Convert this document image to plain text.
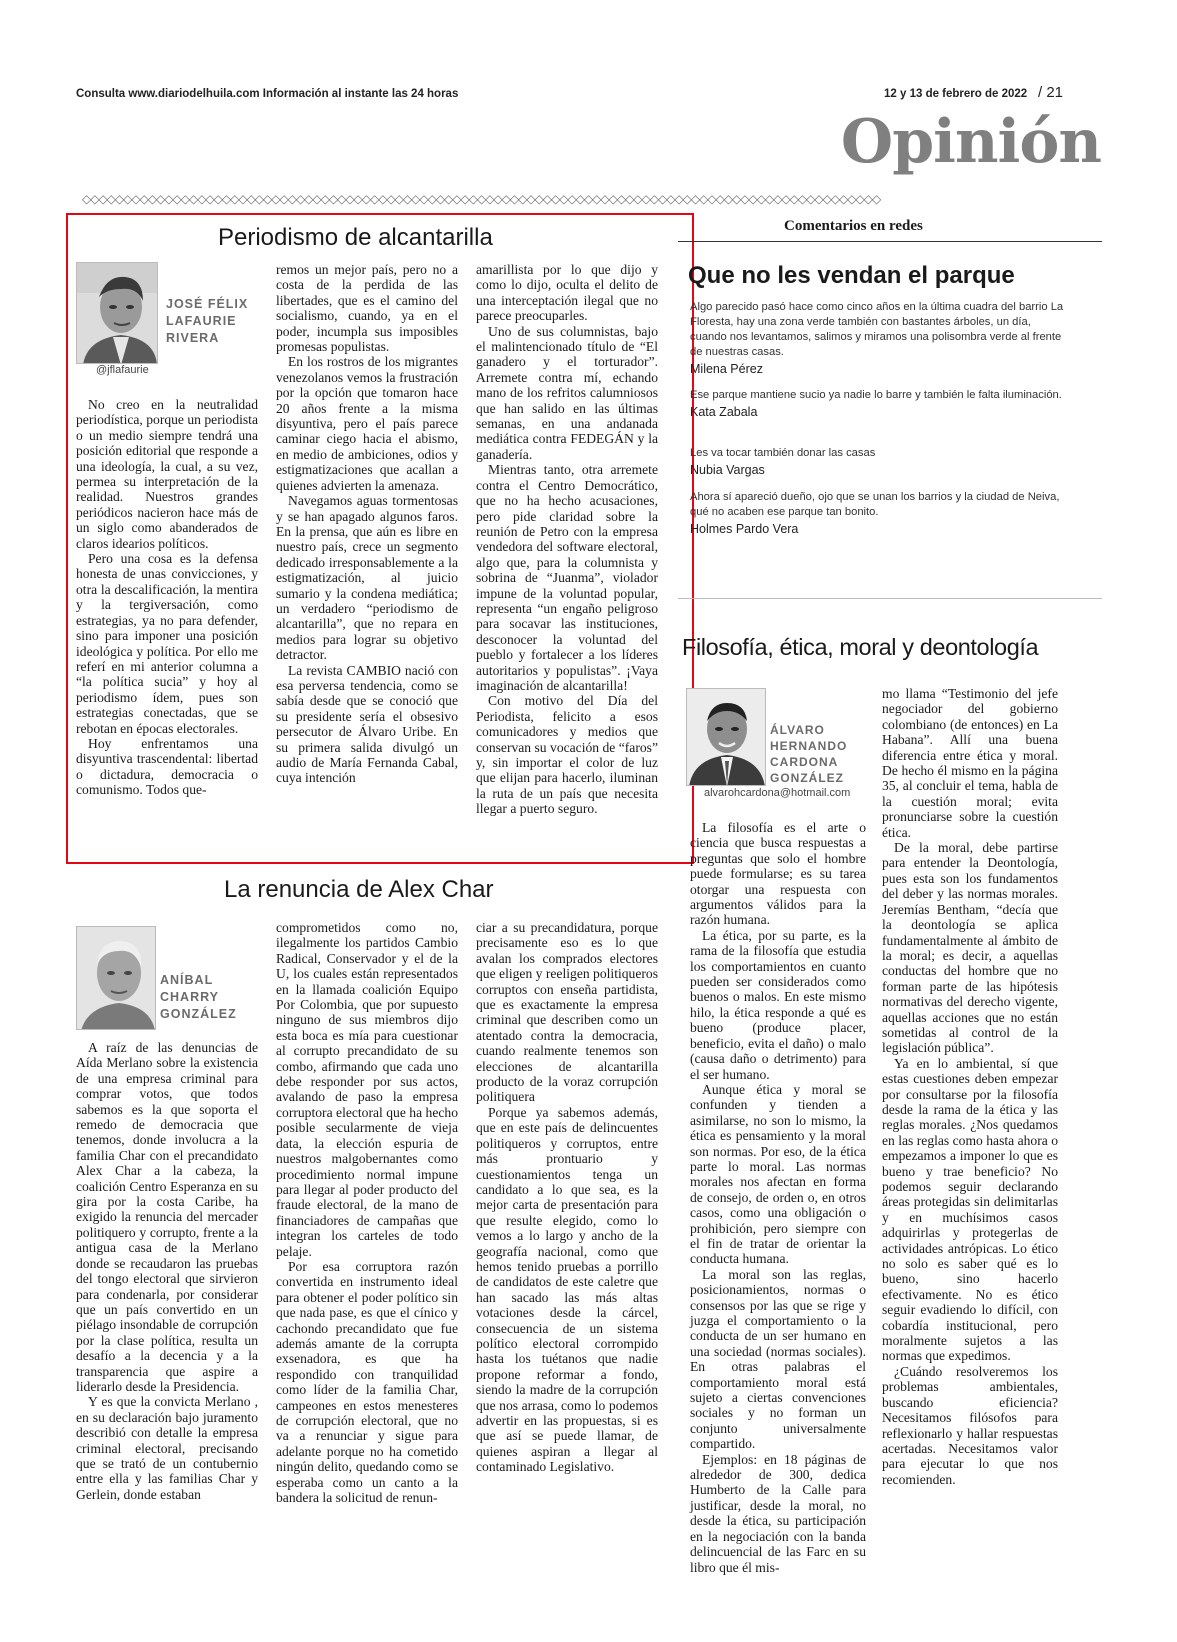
Consulta www.diariodelhuila.com Información al instante las 24 horas	12 y 13 de febrero de 2022 / 21
Opinión
◇◇◇◇◇◇◇◇◇◇◇◇◇◇◇◇◇◇◇◇◇◇◇◇◇◇◇◇◇◇◇◇◇◇◇◇◇◇◇◇◇◇◇◇◇◇◇◇◇◇◇◇◇◇◇◇◇◇◇◇◇◇◇◇◇◇◇◇◇◇◇◇◇◇◇◇◇◇◇◇◇◇◇◇◇◇◇◇◇◇◇◇◇◇◇◇◇
Periodismo de alcantarilla
JOSÉ FÉLIX LAFAURIE RIVERA
@jflafaurie

No creo en la neutralidad periodística, porque un periodista o un medio siempre tendrá una posición editorial que responde a una ideología, la cual, a su vez, permea su interpretación de la realidad. Nuestros grandes periódicos nacieron hace más de un siglo como abanderados de claros idearios políticos.

Pero una cosa es la defensa honesta de unas convicciones, y otra la descalificación, la mentira y la tergiversación, como estrategias, ya no para defender, sino para imponer una posición ideológica y política. Por ello me referí en mi anterior columna a “la política sucia” y hoy al periodismo ídem, pues son estrategias conectadas, que se rebotan en épocas electorales.

Hoy enfrentamos una disyuntiva trascendental: libertad o dictadura, democracia o comunismo. Todos que-

remos un mejor país, pero no a costa de la perdida de las libertades, que es el camino del socialismo, cuando, ya en el poder, incumpla sus imposibles promesas populistas.

En los rostros de los migrantes venezolanos vemos la frustración por la opción que tomaron hace 20 años frente a la misma disyuntiva, pero el país parece caminar ciego hacia el abismo, en medio de ambiciones, odios y estigmatizaciones que acallan a quienes advierten la amenaza.

Navegamos aguas tormentosas y se han apagado algunos faros. En la prensa, que aún es libre en nuestro país, crece un segmento dedicado irresponsablemente a la estigmatización, al juicio sumario y la condena mediática; un verdadero “periodismo de alcantarilla”, que no repara en medios para lograr su objetivo detractor.

La revista CAMBIO nació con esa perversa tendencia, como se sabía desde que se conoció que su presidente sería el obsesivo persecutor de Álvaro Uribe. En su primera salida divulgó un audio de María Fernanda Cabal, cuya intención

amarillista por lo que dijo y como lo dijo, oculta el delito de una interceptación ilegal que no parece preocuparles.

Uno de sus columnistas, bajo el malintencionado título de “El ganadero y el torturador”. Arremete contra mí, echando mano de los refritos calumniosos que han salido en las últimas semanas, en una andanada mediática contra FEDEGÁN y la ganadería.

Mientras tanto, otra arremete contra el Centro Democrático, que no ha hecho acusaciones, pero pide claridad sobre la reunión de Petro con la empresa vendedora del software electoral, algo que, para la columnista y sobrina de “Juanma”, violador impune de la voluntad popular, representa “un engaño peligroso para socavar las instituciones, desconocer la voluntad del pueblo y fortalecer a los líderes autoritarios y populistas”. ¡Vaya imaginación de alcantarilla!

Con motivo del Día del Periodista, felicito a esos comunicadores y medios que conservan su vocación de “faros” y, sin importar el color de luz que elijan para hacerlo, iluminan la ruta de un país que necesita llegar a puerto seguro.

Comentarios en redes
Que no les vendan el parque
Algo parecido pasó hace como cinco años en la última cuadra del barrio La Floresta, hay una zona verde también con bastantes árboles, un día, cuando nos levantamos, salimos y miramos una polisombra verde al frente de nuestras casas.
Milena Pérez
Ese parque mantiene sucio ya nadie lo barre y también le falta iluminación.
Kata Zabala
Les va tocar también donar las casas
Nubia Vargas
Ahora sí apareció dueño, ojo que se unan los barrios y la ciudad de Neiva, qué no acaben ese parque tan bonito.
Holmes Pardo Vera
Filosofía, ética, moral y deontología
ÁLVARO HERNANDO CARDONA GONZÁLEZ
alvarohcardona@hotmail.com

La filosofía es el arte o ciencia que busca respuestas a preguntas que solo el hombre puede formularse; es su tarea otorgar una respuesta con argumentos válidos para la razón humana.

La ética, por su parte, es la rama de la filosofía que estudia los comportamientos en cuanto pueden ser considerados como buenos o malos. En este mismo hilo, la ética responde a qué es bueno (produce placer, beneficio, evita el daño) o malo (causa daño o detrimento) para el ser humano.

Aunque ética y moral se confunden y tienden a asimilarse, no son lo mismo, la ética es pensamiento y la moral son normas. Por eso, de la ética parte lo moral. Las normas morales nos afectan en forma de consejo, de orden o, en otros casos, como una obligación o prohibición, pero siempre con el fin de tratar de orientar la conducta humana.

La moral son las reglas, posicionamientos, normas o consensos por las que se rige y juzga el comportamiento o la conducta de un ser humano en una sociedad (normas sociales). En otras palabras el comportamiento moral está sujeto a ciertas convenciones sociales y no forman un conjunto universalmente compartido.

Ejemplos: en 18 páginas de alrededor de 300, dedica Humberto de la Calle para justificar, desde la moral, no desde la ética, su participación en la negociación con la banda delincuencial de las Farc en su libro que él mis-

mo llama “Testimonio del jefe negociador del gobierno colombiano (de entonces) en La Habana”. Allí una buena diferencia entre ética y moral. De hecho él mismo en la página 35, al concluir el tema, habla de la cuestión moral; evita pronunciarse sobre la cuestión ética.

De la moral, debe partirse para entender la Deontología, pues esta son los fundamentos del deber y las normas morales. Jeremías Bentham, “decía que la deontología se aplica fundamentalmente al ámbito de la moral; es decir, a aquellas conductas del hombre que no forman parte de las hipótesis normativas del derecho vigente, aquellas acciones que no están sometidas al control de la legislación pública”.

Ya en lo ambiental, sí que estas cuestiones deben empezar por consultarse por la filosofía desde la rama de la ética y las reglas morales. ¿Nos quedamos en las reglas como hasta ahora o empezamos a imponer lo que es bueno y trae beneficio? No podemos seguir declarando áreas protegidas sin delimitarlas y en muchísimos casos adquirirlas y protegerlas de actividades antrópicas. Lo ético no solo es saber qué es lo bueno, sino hacerlo efectivamente. No es ético seguir evadiendo lo difícil, con cobardía institucional, pero moralmente sujetos a las normas que expedimos.

¿Cuándo resolveremos los problemas ambientales, buscando eficiencia? Necesitamos filósofos para reflexionarlo y hallar respuestas acertadas. Necesitamos valor para ejecutar lo que nos recomienden.

La renuncia de Alex Char
ANÍBAL CHARRY GONZÁLEZ

A raíz de las denuncias de Aída Merlano sobre la existencia de una empresa criminal para comprar votos, que todos sabemos es la que soporta el remedo de democracia que tenemos, donde involucra a la familia Char con el precandidato Alex Char a la cabeza, la coalición Centro Esperanza en su gira por la costa Caribe, ha exigido la renuncia del mercader politiquero y corrupto, frente a la antigua casa de la Merlano donde se recaudaron las pruebas del tongo electoral que sirvieron para condenarla, por considerar que un país convertido en un piélago insondable de corrupción por la clase política, resulta un desafío a la decencia y a la transparencia que aspire a liderarlo desde la Presidencia.

Y es que la convicta Merlano , en su declaración bajo juramento describió con detalle la empresa criminal electoral, precisando que se trató de un contubernio entre ella y las familias Char y Gerlein, donde estaban

comprometidos como no, ilegalmente los partidos Cambio Radical, Conservador y el de la U, los cuales están representados en la llamada coalición Equipo Por Colombia, que por supuesto ninguno de sus miembros dijo esta boca es mía para cuestionar al corrupto precandidato de su combo, afirmando que cada uno debe responder por sus actos, avalando de paso la empresa corruptora electoral que ha hecho posible secularmente de vieja data, la elección espuria de nuestros malgobernantes como procedimiento normal impune para llegar al poder producto del fraude electoral, de la mano de financiadores de campañas que integran los carteles de todo pelaje.

Por esa corruptora razón convertida en instrumento ideal para obtener el poder político sin que nada pase, es que el cínico y cachondo precandidato que fue además amante de la corrupta exsenadora, es que ha respondido con tranquilidad como líder de la familia Char, campeones en estos menesteres de corrupción electoral, que no va a renunciar y sigue para adelante porque no ha cometido ningún delito, quedando como se esperaba como un canto a la bandera la solicitud de renun-

ciar a su precandidatura, porque precisamente eso es lo que avalan los comprados electores que eligen y reeligen politiqueros corruptos con enseña partidista, que es exactamente la empresa criminal que describen como un atentado contra la democracia, cuando realmente tenemos son elecciones de alcantarilla producto de la voraz corrupción politiquera

Porque ya sabemos además, que en este país de delincuentes politiqueros y corruptos, entre más prontuario y cuestionamientos tenga un candidato a lo que sea, es la mejor carta de presentación para que resulte elegido, como lo vemos a lo largo y ancho de la geografía nacional, como que hemos tenido pruebas a porrillo de candidatos de este caletre que han sacado las más altas votaciones desde la cárcel, consecuencia de un sistema político electoral corrompido hasta los tuétanos que nadie propone reformar a fondo, siendo la madre de la corrupción que nos arrasa, como lo podemos advertir en las propuestas, si es que así se puede llamar, de quienes aspiran a llegar al contaminado Legislativo.
